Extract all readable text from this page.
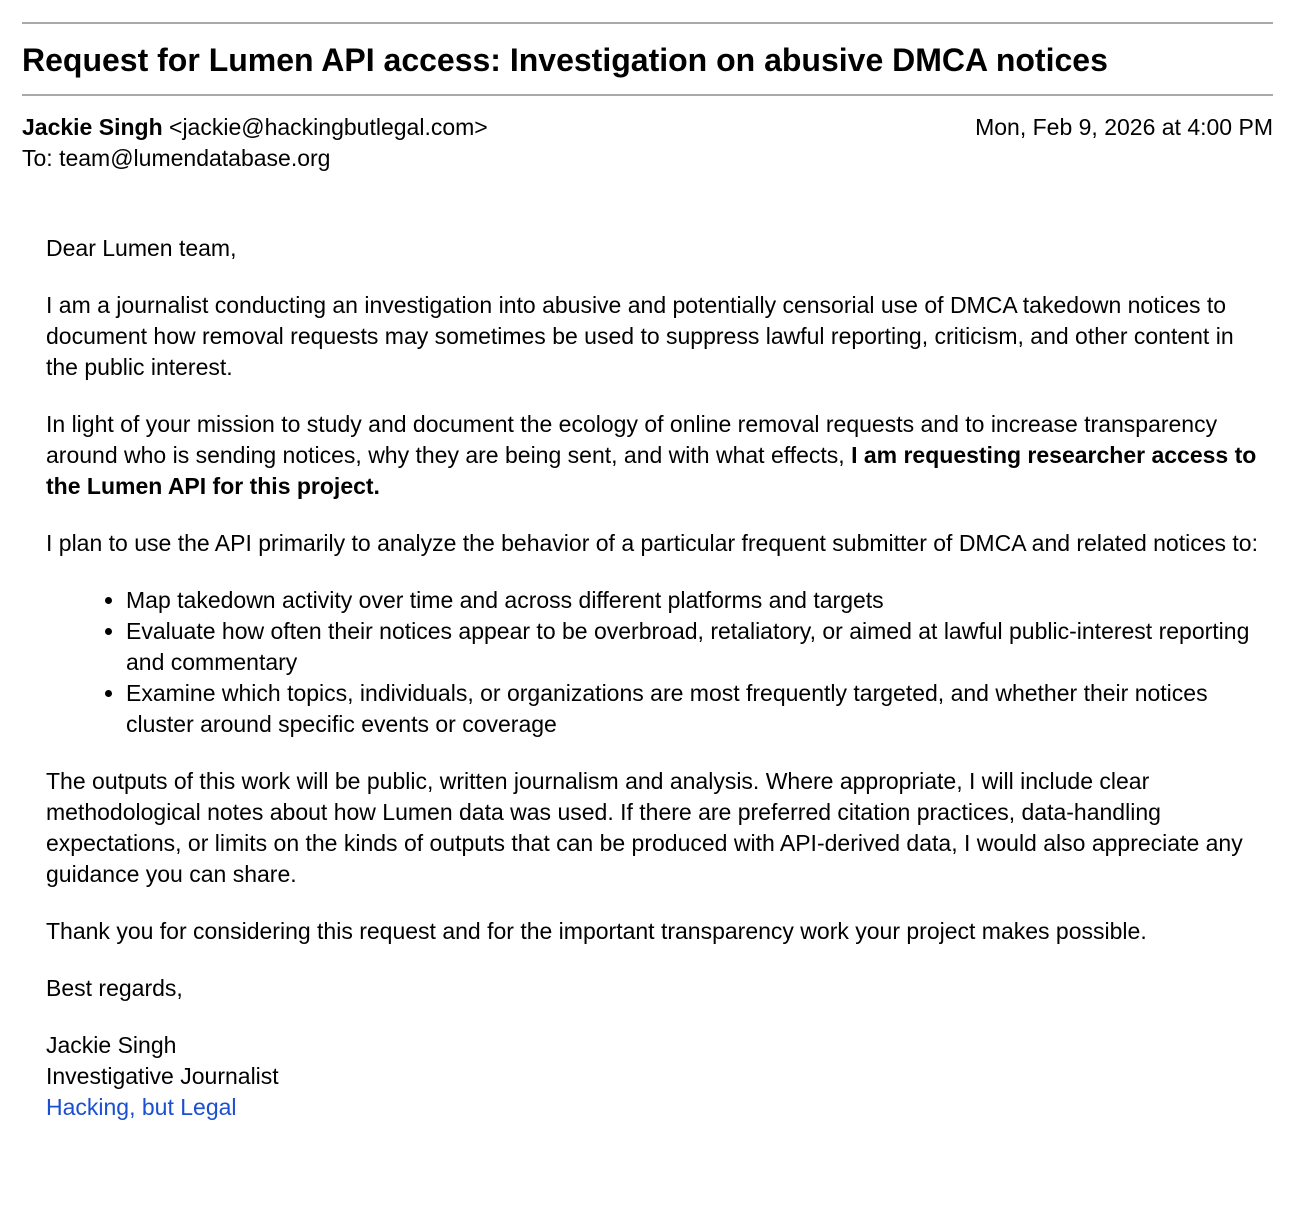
Request for Lumen API access: Investigation on abusive DMCA notices
Jackie Singh <jackie@hackingbutlegal.com>	Mon, Feb 9, 2026 at 4:00 PM
To: team@lumendatabase.org

Dear Lumen team,

I am a journalist conducting an investigation into abusive and potentially censorial use of DMCA takedown notices to document how removal requests may sometimes be used to suppress lawful reporting, criticism, and other content in the public interest.

In light of your mission to study and document the ecology of online removal requests and to increase transparency around who is sending notices, why they are being sent, and with what effects, I am requesting researcher access to the Lumen API for this project.

I plan to use the API primarily to analyze the behavior of a particular frequent submitter of DMCA and related notices to:

• Map takedown activity over time and across different platforms and targets
• Evaluate how often their notices appear to be overbroad, retaliatory, or aimed at lawful public-interest reporting and commentary
• Examine which topics, individuals, or organizations are most frequently targeted, and whether their notices cluster around specific events or coverage

The outputs of this work will be public, written journalism and analysis. Where appropriate, I will include clear methodological notes about how Lumen data was used. If there are preferred citation practices, data-handling expectations, or limits on the kinds of outputs that can be produced with API-derived data, I would also appreciate any guidance you can share.

Thank you for considering this request and for the important transparency work your project makes possible.

Best regards,

Jackie Singh

Investigative Journalist

Hacking, but Legal
